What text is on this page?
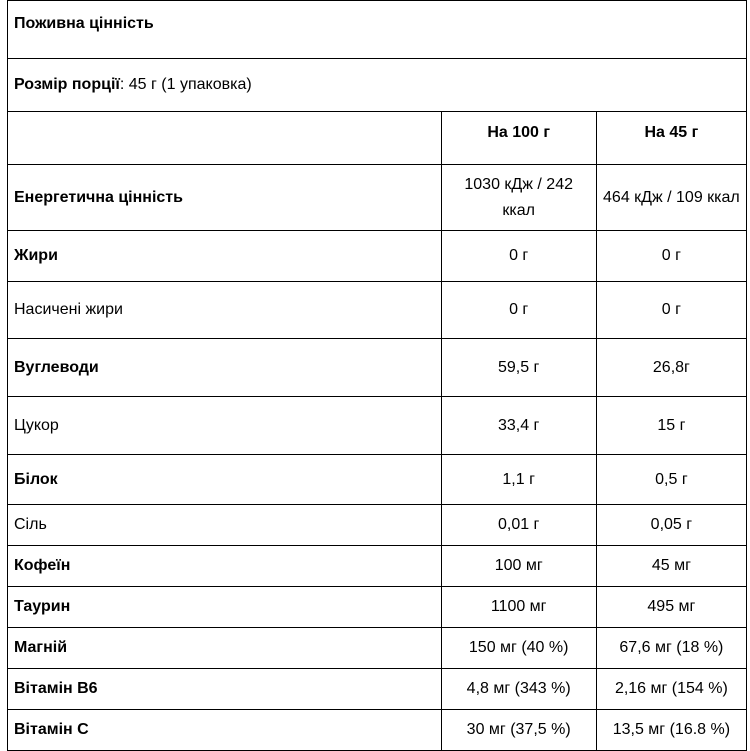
Поживна цінність		
Розмір порції: 45 г (1 упаковка)		
	На 100 г	На 45 г
Енергетична цінність	1030 кДж / 242 ккал	464 кДж / 109 ккал
Жири	0 г	0 г
Насичені жири	0 г	0 г
Вуглеводи	59,5 г	26,8г
Цукор	33,4 г	15 г
Білок	1,1 г	0,5 г
Сіль	0,01 г	0,05 г
Кофеїн	100 мг	45 мг
Таурин	1100 мг	495 мг
Магній	150 мг (40 %)	67,6 мг (18 %)
Вітамін B6	4,8 мг (343 %)	2,16 мг (154 %)
Вітамін C	30 мг (37,5 %)	13,5 мг (16.8 %)
